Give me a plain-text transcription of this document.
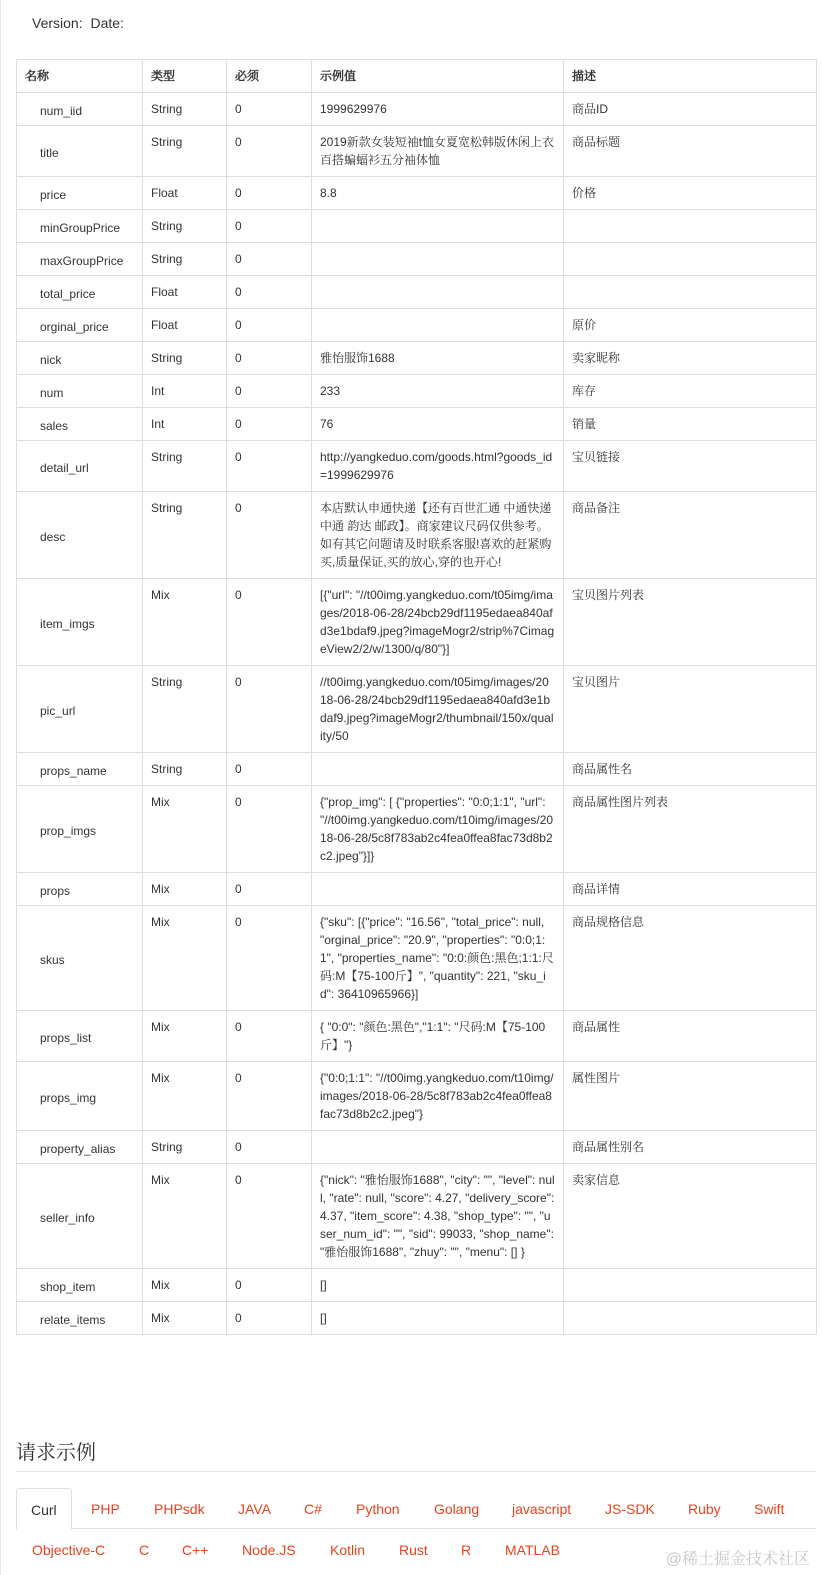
Version: Date:
名称	类型	必须	示例值	描述
num_iid	String	0	1999629976	商品ID
title	String	0	2019新款女装短袖t恤女夏宽松韩版休闲上衣百搭蝙蝠衫五分袖体恤	商品标题
price	Float	0	8.8	价格
minGroupPrice	String	0		
maxGroupPrice	String	0		
total_price	Float	0		
orginal_price	Float	0		原价
nick	String	0	雅怡服饰1688	卖家昵称
num	Int	0	233	库存
sales	Int	0	76	销量
detail_url	String	0	http://yangkeduo.com/goods.html?goods_id=1999629976	宝贝链接
desc	String	0	本店默认申通快递【还有百世汇通 中通快递 中通 韵达 邮政】。商家建议尺码仅供参考。如有其它问题请及时联系客服!喜欢的赶紧购买,质量保证,买的放心,穿的也开心!	商品备注
item_imgs	Mix	0	[{"url": "//t00img.yangkeduo.com/t05img/images/2018-06-28/24bcb29df1195edaea840afd3e1bdaf9.jpeg?imageMogr2/strip%7CimageView2/2/w/1300/q/80"}]	宝贝图片列表
pic_url	String	0	//t00img.yangkeduo.com/t05img/images/2018-06-28/24bcb29df1195edaea840afd3e1bdaf9.jpeg?imageMogr2/thumbnail/150x/quality/50	宝贝图片
props_name	String	0		商品属性名
prop_imgs	Mix	0	{"prop_img": [ {"properties": "0:0;1:1", "url": "//t00img.yangkeduo.com/t10img/images/2018-06-28/5c8f783ab2c4fea0ffea8fac73d8b2c2.jpeg"}]}	商品属性图片列表
props	Mix	0		商品详情
skus	Mix	0	{"sku": [{"price": "16.56", "total_price": null, "orginal_price": "20.9", "properties": "0:0;1:1", "properties_name": "0:0:颜色:黑色;1:1:尺码:M【75-100斤】", "quantity": 221, "sku_id": 36410965966}]	商品规格信息
props_list	Mix	0	{ "0:0": "颜色:黑色","1:1": "尺码:M【75-100斤】"}	商品属性
props_img	Mix	0	{"0:0;1:1": "//t00img.yangkeduo.com/t10img/images/2018-06-28/5c8f783ab2c4fea0ffea8fac73d8b2c2.jpeg"}	属性图片
property_alias	String	0		商品属性别名
seller_info	Mix	0	{"nick": "雅怡服饰1688", "city": "", "level": null, "rate": null, "score": 4.27, "delivery_score": 4.37, "item_score": 4.38, "shop_type": "", "user_num_id": "", "sid": 99033, "shop_name": "雅怡服饰1688", "zhuy": "", "menu": [] }	卖家信息
shop_item	Mix	0	[]	
relate_items	Mix	0	[]	
请求示例
Curl	PHP PHPsdk JAVA C# Python Golang javascript JS-SDK Ruby Swift
Objective-C C C++ Node.JS Kotlin Rust R MATLAB
@稀土掘金技术社区
